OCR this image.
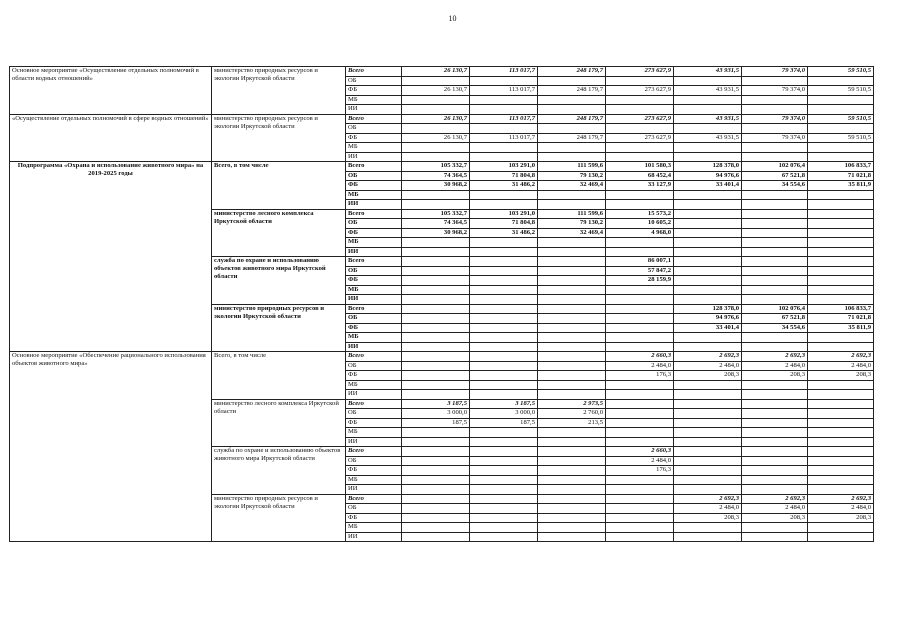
10
Основное мероприятие «Осуществление отдельных полномочий в области водных отношений»	министерство природных ресурсов и экологии Иркутской области	Всего	26 130,7	113 017,7	248 179,7	273 627,9	43 931,5	79 374,0	59 510,5
		ОБ							
		ФБ	26 130,7	113 017,7	248 179,7	273 627,9	43 931,5	79 374,0	59 510,5
		МБ							
		ИИ							
«Осуществление отдельных полномочий в сфере водных отношений»	министерство природных ресурсов и экологии Иркутской области	Всего	26 130,7	113 017,7	248 179,7	273 627,9	43 931,5	79 374,0	59 510,5
		ОБ							
		ФБ	26 130,7	113 017,7	248 179,7	273 627,9	43 931,5	79 374,0	59 510,5
		МБ							
		ИИ							
Подпрограмма «Охрана и использование животного мира» на 2019-2025 годы	Всего, в том числе	Всего	105 332,7	103 291,0	111 599,6	101 580,3	128 378,0	102 076,4	106 833,7
		ОБ	74 364,5	71 804,8	79 130,2	68 452,4	94 976,6	67 521,8	71 021,8
		ФБ	30 968,2	31 486,2	32 469,4	33 127,9	33 401,4	34 554,6	35 811,9
		МБ							
		ИИ							
	министерство лесного комплекса Иркутской области	Всего	105 332,7	103 291,0	111 599,6	15 573,2			
		ОБ	74 364,5	71 804,8	79 130,2	10 605,2			
		ФБ	30 968,2	31 486,2	32 469,4	4 968,0			
		МБ							
		ИИ							
	служба по охране и использованию объектов животного мира Иркутской области	Всего				86 007,1			
		ОБ				57 847,2			
		ФБ				28 159,9			
		МБ							
		ИИ							
	министерство природных ресурсов и экологии Иркутской области	Всего					128 378,0	102 076,4	106 833,7
		ОБ					94 976,6	67 521,8	71 021,8
		ФБ					33 401,4	34 554,6	35 811,9
		МБ							
		ИИ							
Основное мероприятие «Обеспечение рационального использования объектов животного мира»	Всего, в том числе	Всего				2 660,3	2 692,3	2 692,3	2 692,3
		ОБ				2 484,0	2 484,0	2 484,0	2 484,0
		ФБ				176,3	208,3	208,3	208,3
		МБ							
		ИИ							
	министерство лесного комплекса Иркутской области	Всего	3 187,5	3 187,5	2 973,5				
		ОБ	3 000,0	3 000,0	2 760,0				
		ФБ	187,5	187,5	213,5				
		МБ							
		ИИ							
	служба по охране и использованию объектов животного мира Иркутской области	Всего				2 660,3			
		ОБ				2 484,0			
		ФБ				176,3			
		МБ							
		ИИ							
	министерство природных ресурсов и экологии Иркутской области	Всего					2 692,3	2 692,3	2 692,3
		ОБ					2 484,0	2 484,0	2 484,0
		ФБ					208,3	208,3	208,3
		МБ							
		ИИ							
